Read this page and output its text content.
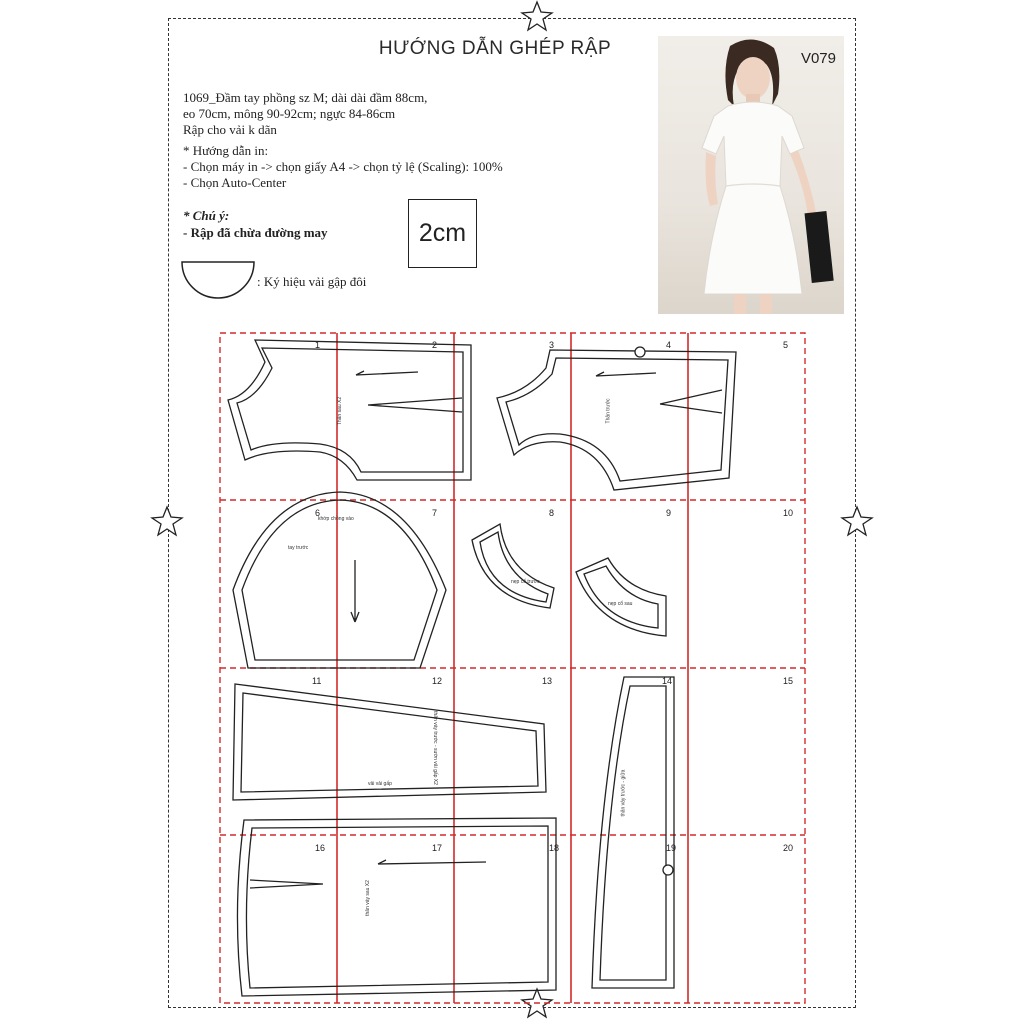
HƯỚNG DẪN GHÉP RẬP
1069_Đầm tay phồng sz M; dài dài đầm 88cm,
eo 70cm, mông 90-92cm; ngực 84-86cm
Rập cho vải k dãn
* Hướng dẫn in:
- Chọn máy in -> chọn giấy A4 -> chọn tỷ lệ (Scaling): 100%
- Chọn Auto-Center
* Chú ý:
- Rập đã chừa đường may	2cm
: Ký hiệu vải gập đôi
V079
1	2	3	4	5
6	7	8	9	10
11	12	13	14	15
16	17	18	19	20
Thân sau X2	Thân trước
tay trước
khớp chồng vào
nẹp cổ trước
nẹp cổ sau
thân váy trước - sườn vải gấp X2
vải vải gấp	thân váy trước - giữa
thân váy sau X2
